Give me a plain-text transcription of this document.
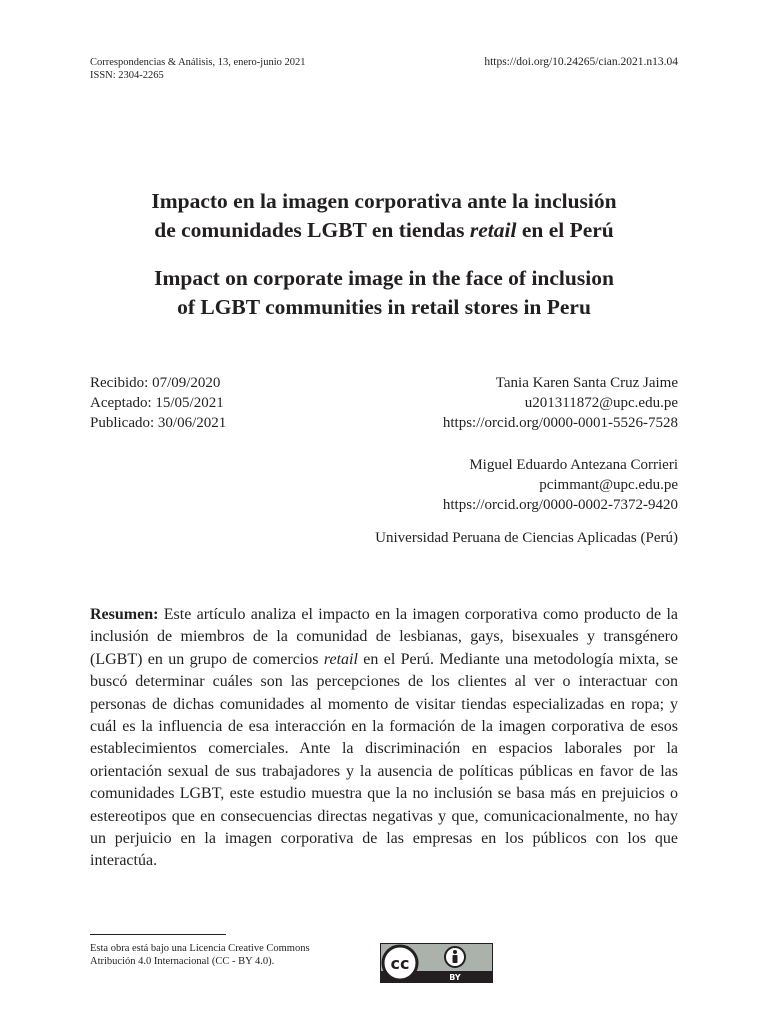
Correspondencias & Análisis, 13, enero-junio 2021
ISSN: 2304-2265
https://doi.org/10.24265/cian.2021.n13.04
Impacto en la imagen corporativa ante la inclusión
de comunidades LGBT en tiendas retail en el Perú
Impact on corporate image in the face of inclusion
of LGBT communities in retail stores in Peru
Recibido: 07/09/2020
Aceptado: 15/05/2021
Publicado: 30/06/2021
Tania Karen Santa Cruz Jaime
u201311872@upc.edu.pe
https://orcid.org/0000-0001-5526-7528
Miguel Eduardo Antezana Corrieri
pcimmant@upc.edu.pe
https://orcid.org/0000-0002-7372-9420
Universidad Peruana de Ciencias Aplicadas (Perú)
Resumen: Este artículo analiza el impacto en la imagen corporativa como producto de la inclusión de miembros de la comunidad de lesbianas, gays, bisexuales y transgénero (LGBT) en un grupo de comercios retail en el Perú. Mediante una metodología mixta, se buscó determinar cuáles son las percepciones de los clientes al ver o interactuar con personas de dichas comunidades al momento de visitar tiendas especializadas en ropa; y cuál es la influencia de esa interacción en la formación de la imagen corporativa de esos establecimientos comerciales. Ante la discriminación en espacios laborales por la orientación sexual de sus trabajadores y la ausencia de políticas públicas en favor de las comunidades LGBT, este estudio muestra que la no inclusión se basa más en prejuicios o estereotipos que en consecuencias directas negativas y que, comunicacionalmente, no hay un perjuicio en la imagen corporativa de las empresas en los públicos con los que interactúa.
Esta obra está bajo una Licencia Creative Commons
Atribución 4.0 Internacional (CC - BY 4.0).	cc
BY
